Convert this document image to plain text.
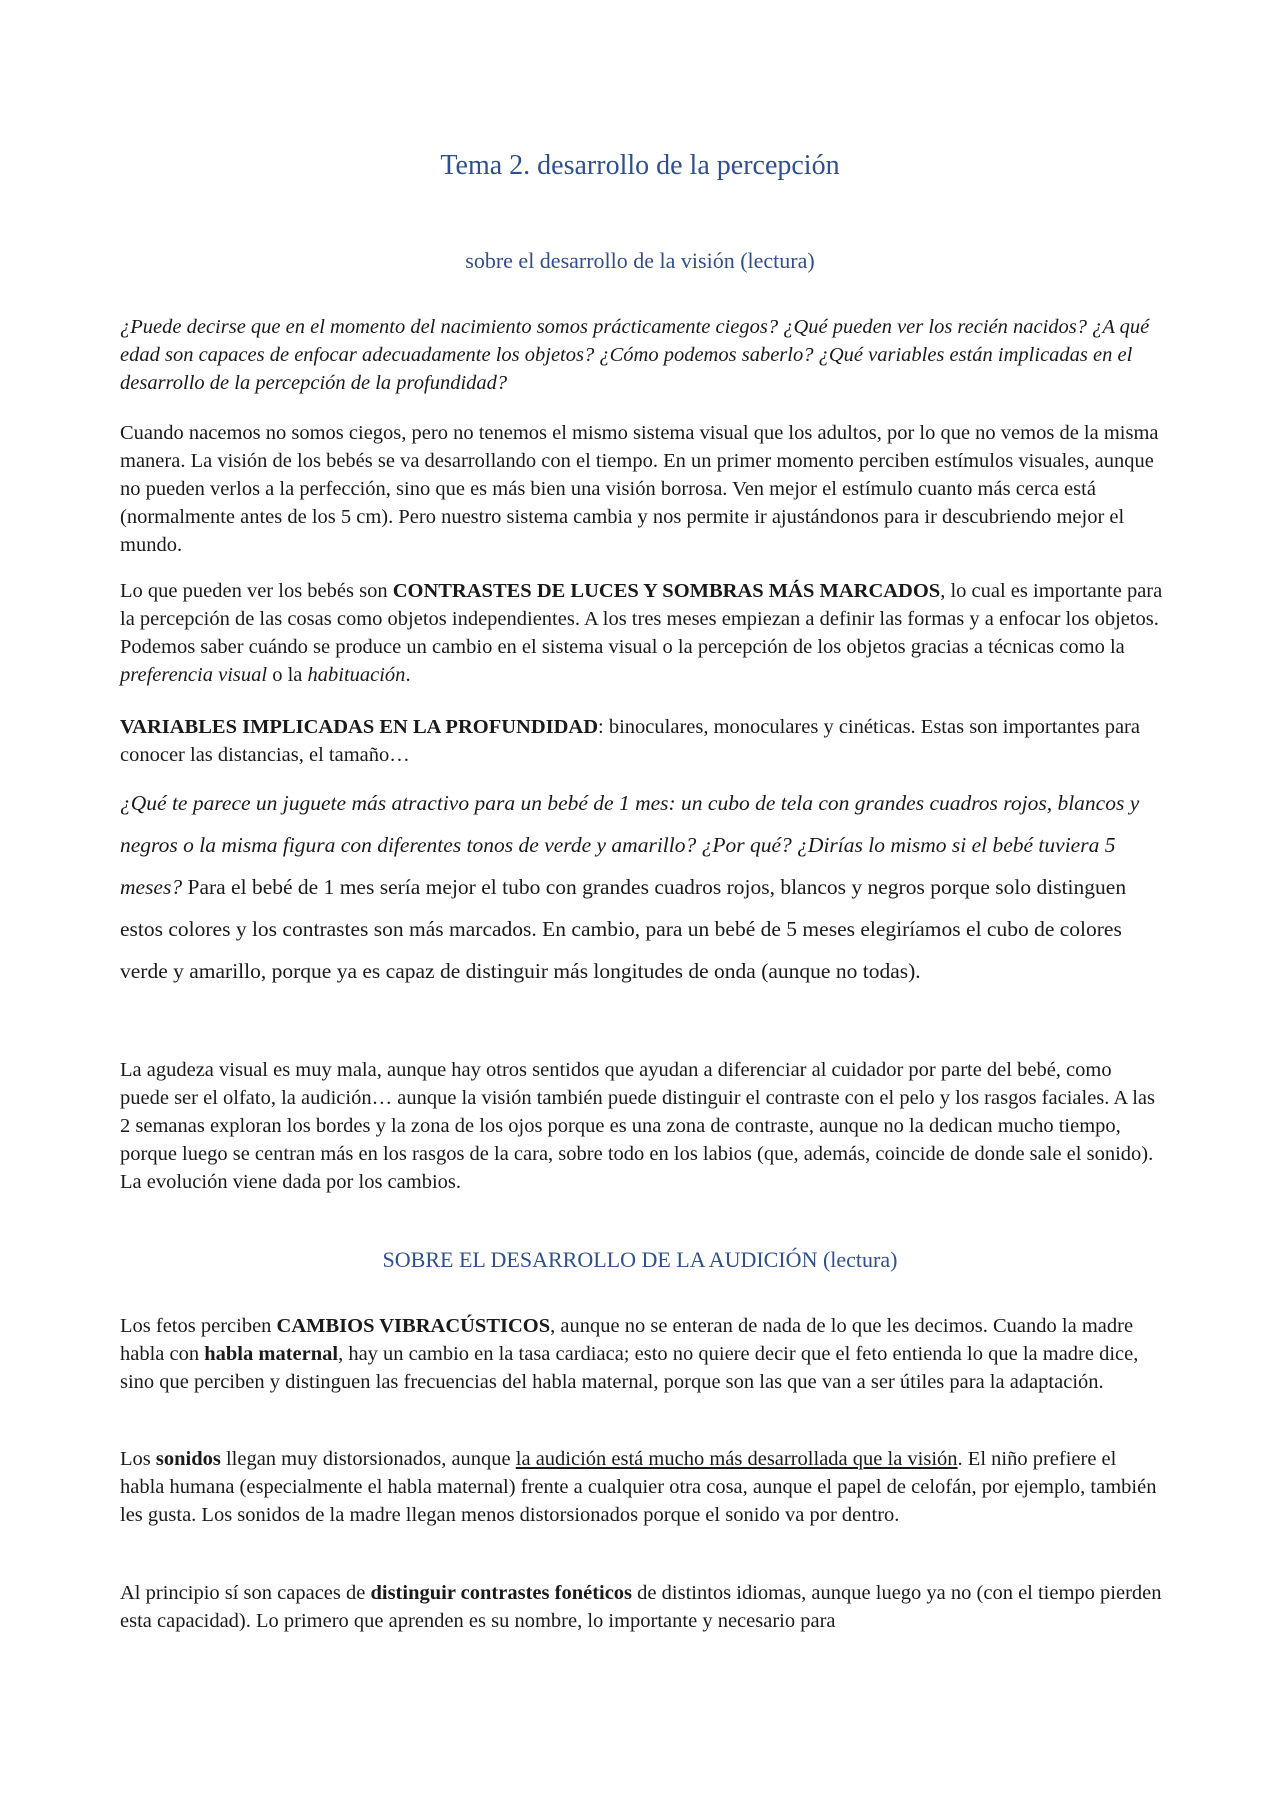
Tema 2. desarrollo de la percepción
sobre el desarrollo de la visión (lectura)

¿Puede decirse que en el momento del nacimiento somos prácticamente ciegos? ¿Qué pueden ver los recién nacidos? ¿A qué edad son capaces de enfocar adecuadamente los objetos? ¿Cómo podemos saberlo? ¿Qué variables están implicadas en el desarrollo de la percepción de la profundidad?

Cuando nacemos no somos ciegos, pero no tenemos el mismo sistema visual que los adultos, por lo que no vemos de la misma manera. La visión de los bebés se va desarrollando con el tiempo. En un primer momento perciben estímulos visuales, aunque no pueden verlos a la perfección, sino que es más bien una visión borrosa. Ven mejor el estímulo cuanto más cerca está (normalmente antes de los 5 cm). Pero nuestro sistema cambia y nos permite ir ajustándonos para ir descubriendo mejor el mundo.

Lo que pueden ver los bebés son CONTRASTES DE LUCES Y SOMBRAS MÁS MARCADOS, lo cual es importante para la percepción de las cosas como objetos independientes. A los tres meses empiezan a definir las formas y a enfocar los objetos. Podemos saber cuándo se produce un cambio en el sistema visual o la percepción de los objetos gracias a técnicas como la preferencia visual o la habituación.

VARIABLES IMPLICADAS EN LA PROFUNDIDAD: binoculares, monoculares y cinéticas. Estas son importantes para conocer las distancias, el tamaño…

¿Qué te parece un juguete más atractivo para un bebé de 1 mes: un cubo de tela con grandes cuadros rojos, blancos y negros o la misma figura con diferentes tonos de verde y amarillo? ¿Por qué? ¿Dirías lo mismo si el bebé tuviera 5 meses? Para el bebé de 1 mes sería mejor el tubo con grandes cuadros rojos, blancos y negros porque solo distinguen estos colores y los contrastes son más marcados. En cambio, para un bebé de 5 meses elegiríamos el cubo de colores verde y amarillo, porque ya es capaz de distinguir más longitudes de onda (aunque no todas).

La agudeza visual es muy mala, aunque hay otros sentidos que ayudan a diferenciar al cuidador por parte del bebé, como puede ser el olfato, la audición… aunque la visión también puede distinguir el contraste con el pelo y los rasgos faciales. A las 2 semanas exploran los bordes y la zona de los ojos porque es una zona de contraste, aunque no la dedican mucho tiempo, porque luego se centran más en los rasgos de la cara, sobre todo en los labios (que, además, coincide de donde sale el sonido). La evolución viene dada por los cambios.

SOBRE EL DESARROLLO DE LA AUDICIÓN (lectura)

Los fetos perciben CAMBIOS VIBRACÚSTICOS, aunque no se enteran de nada de lo que les decimos. Cuando la madre habla con habla maternal, hay un cambio en la tasa cardiaca; esto no quiere decir que el feto entienda lo que la madre dice, sino que perciben y distinguen las frecuencias del habla maternal, porque son las que van a ser útiles para la adaptación.

Los sonidos llegan muy distorsionados, aunque la audición está mucho más desarrollada que la visión. El niño prefiere el habla humana (especialmente el habla maternal) frente a cualquier otra cosa, aunque el papel de celofán, por ejemplo, también les gusta. Los sonidos de la madre llegan menos distorsionados porque el sonido va por dentro.

Al principio sí son capaces de distinguir contrastes fonéticos de distintos idiomas, aunque luego ya no (con el tiempo pierden esta capacidad). Lo primero que aprenden es su nombre, lo importante y necesario para
